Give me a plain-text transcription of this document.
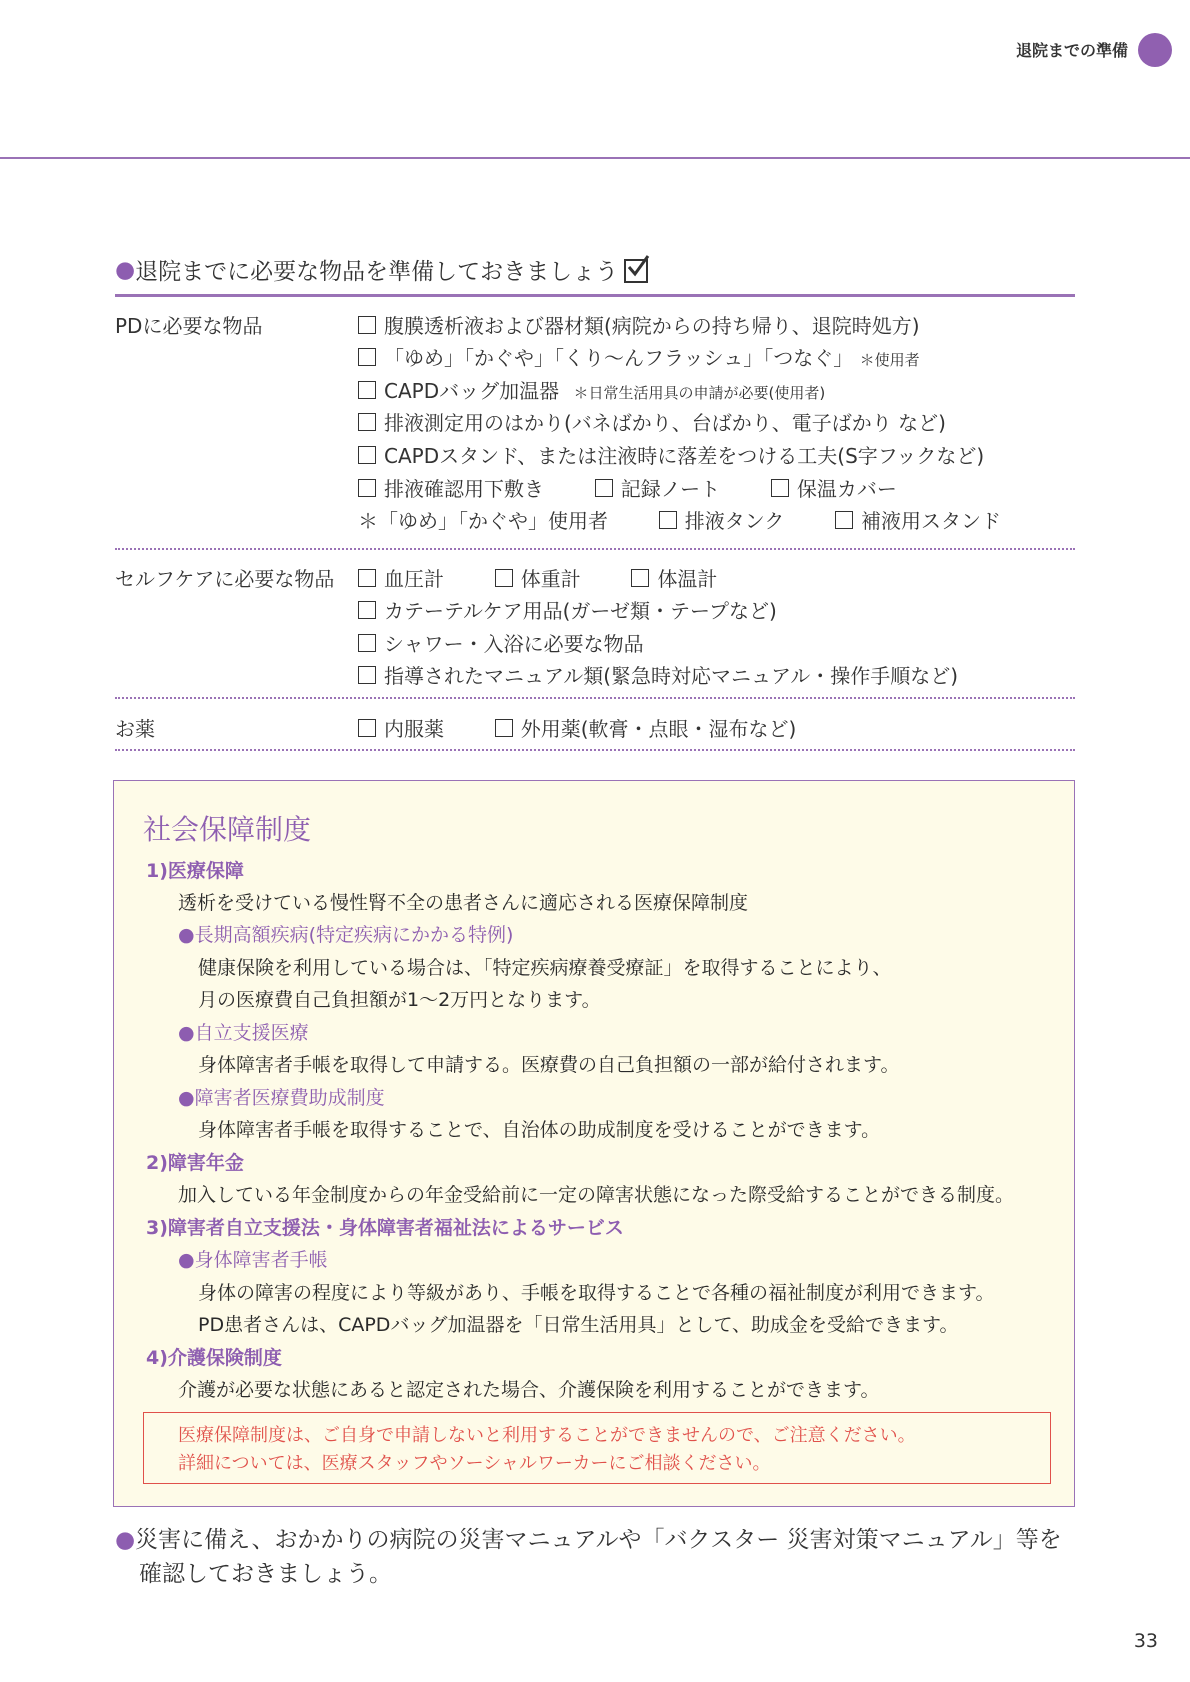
退院までの準備
● 退院までに必要な物品を準備しておきましょう
PDに必要な物品	腹膜透析液および器材類(病院からの持ち帰り、退院時処方)
「ゆめ」「かぐや」「くり〜んフラッシュ」「つなぐ」 ＊使用者
CAPDバッグ加温器 ＊日常生活用具の申請が必要(使用者)
排液測定用のはかり(バネばかり、台ばかり、電子ばかり など)
CAPDスタンド、または注液時に落差をつける工夫(S字フックなど)
排液確認用下敷き	記録ノート	保温カバー
＊「ゆめ」「かぐや」使用者	排液タンク	補液用スタンド
セルフケアに必要な物品	血圧計	体重計	体温計
カテーテルケア用品(ガーゼ類・テープなど)
シャワー・入浴に必要な物品
指導されたマニュアル類(緊急時対応マニュアル・操作手順など)
お薬	内服薬	外用薬(軟膏・点眼・湿布など)
社会保障制度
1)医療保障
透析を受けている慢性腎不全の患者さんに適応される医療保障制度
●長期高額疾病(特定疾病にかかる特例)
健康保険を利用している場合は、「特定疾病療養受療証」を取得することにより、
月の医療費自己負担額が1〜2万円となります。
●自立支援医療
身体障害者手帳を取得して申請する。医療費の自己負担額の一部が給付されます。
●障害者医療費助成制度
身体障害者手帳を取得することで、自治体の助成制度を受けることができます。
2)障害年金
加入している年金制度からの年金受給前に一定の障害状態になった際受給することができる制度。
3)障害者自立支援法・身体障害者福祉法によるサービス
●身体障害者手帳
身体の障害の程度により等級があり、手帳を取得することで各種の福祉制度が利用できます。
PD患者さんは、CAPDバッグ加温器を「日常生活用具」として、助成金を受給できます。
4)介護保険制度
介護が必要な状態にあると認定された場合、介護保険を利用することができます。
医療保障制度は、ご自身で申請しないと利用することができませんので、ご注意ください。
詳細については、医療スタッフやソーシャルワーカーにご相談ください。
●災害に備え、おかかりの病院の災害マニュアルや「バクスター 災害対策マニュアル」等を
確認しておきましょう。
33
